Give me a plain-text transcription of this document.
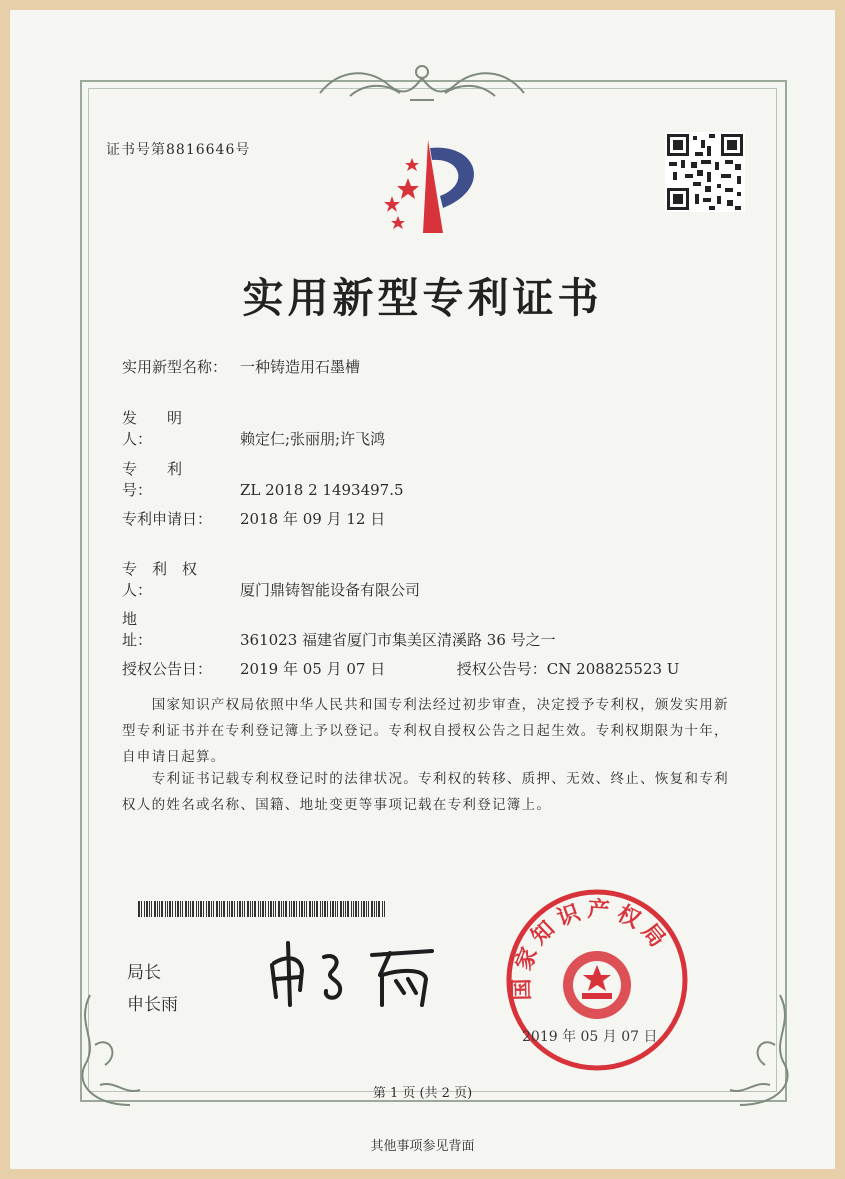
证书号第8816646号
实用新型专利证书
实用新型名称： 一种铸造用石墨槽
发　　明　　人：	赖定仁;张丽朋;许飞鸿
专　　利　　号：	ZL 2018 2 1493497.5
专利申请日： 2018 年 09 月 12 日
专　利　权　人：	厦门鼎铸智能设备有限公司
地　　　　　址：	361023 福建省厦门市集美区清溪路 36 号之一
授权公告日： 2019 年 05 月 07 日	授权公告号：CN 208825523 U
国家知识产权局依照中华人民共和国专利法经过初步审查，决定授予专利权，颁发实用新型专利证书并在专利登记簿上予以登记。专利权自授权公告之日起生效。专利权期限为十年，自申请日起算。
专利证书记载专利权登记时的法律状况。专利权的转移、质押、无效、终止、恢复和专利权人的姓名或名称、国籍、地址变更等事项记载在专利登记簿上。
局长
申长雨
国家知识产权局
2019 年 05 月 07 日
第 1 页 (共 2 页)
其他事项参见背面
